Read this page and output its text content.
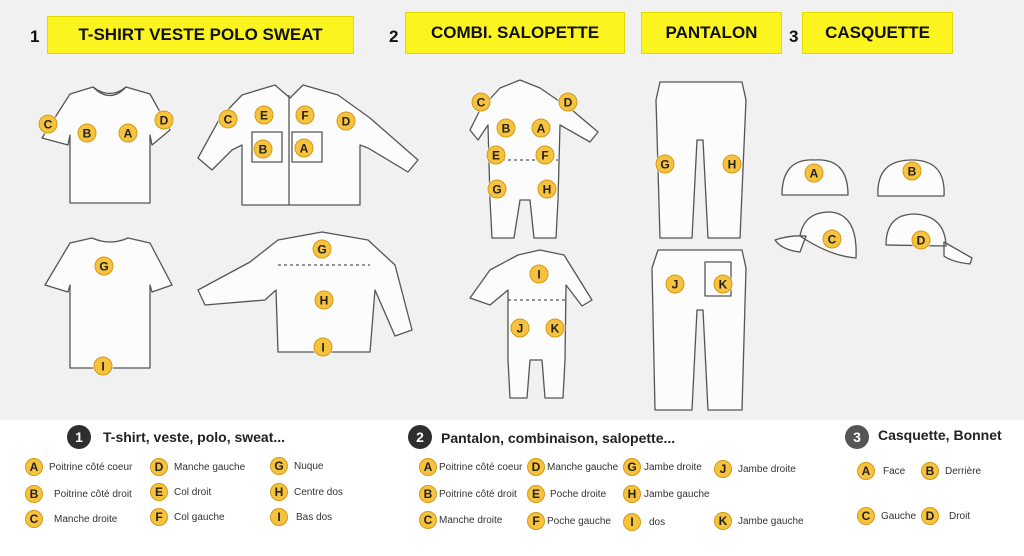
1	T-SHIRT VESTE POLO SWEAT	2	COMBI. SALOPETTE	PANTALON	3	CASQUETTE
C
B	A
D
G
I
C	E	F	D
B	A
G
H
I
C	D
B	A
E	F
G	H
I
J	K
G	H
J	K
A	B
C	D
1	T-shirt, veste, polo, sweat...
A	Poitrine côté coeur
B	Poitrine côté droit
C	Manche droite
D	Manche gauche
E	Col droit
F	Col gauche
G	Nuque
H	Centre dos
I	Bas dos
2	Pantalon, combinaison, salopette...
A Poitrine côté coeur
B Poitrine côté droit
C Manche droite
D Manche gauche
E	Poche droite
F Poche gauche
G Jambe droite
H Jambe gauche
I	dos
J	Jambe droite
K	Jambe gauche
3	Casquette, Bonnet
A	Face
C	Gauche
B	Derrière
D	Droit
